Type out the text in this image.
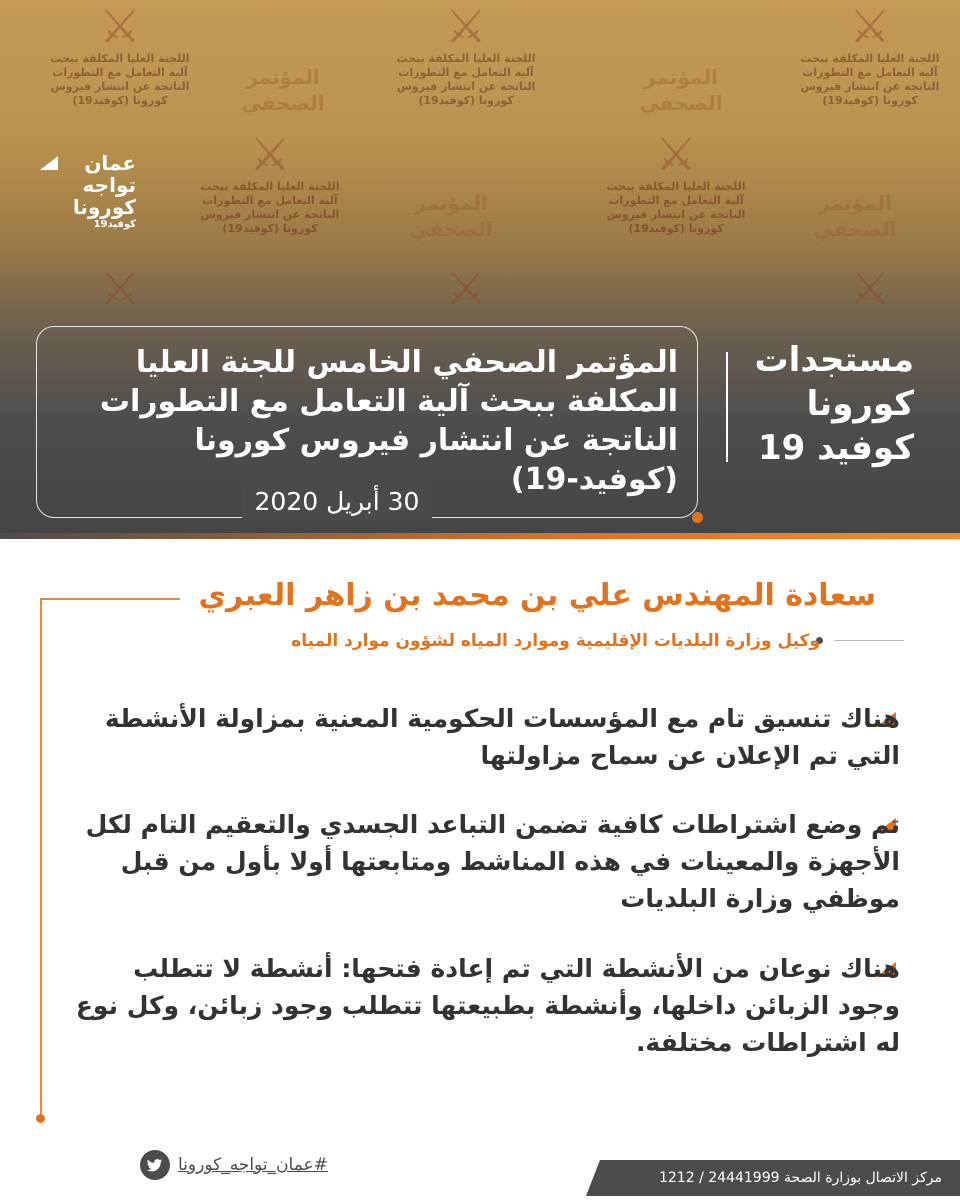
⚔
اللجنة العليا المكلفة ببحث آلية التعامل مع التطورات الناتجة عن انتشار فيروس كورونا (كوفيد19)
⚔
اللجنة العليا المكلفة ببحث آلية التعامل مع التطورات الناتجة عن انتشار فيروس كورونا (كوفيد19)
⚔
اللجنة العليا المكلفة ببحث آلية التعامل مع التطورات الناتجة عن انتشار فيروس كورونا (كوفيد19)
المؤتمر
الصحفي
المؤتمر
الصحفي
⚔
اللجنة العليا المكلفة ببحث آلية التعامل مع التطورات الناتجة عن انتشار فيروس كورونا (كوفيد19)
⚔
اللجنة العليا المكلفة ببحث آلية التعامل مع التطورات الناتجة عن انتشار فيروس كورونا (كوفيد19)
المؤتمر
الصحفي
المؤتمر
الصحفي
⚔	⚔	⚔
عمان
تواجه
كورونا
كوفيد19
المؤتمر الصحفي الخامس للجنة العليا المكلفة ببحث آلية التعامل مع التطورات الناتجة عن انتشار فيروس كورونا (كوفيد-19)
30 أبريل 2020
مستجدات
كورونا
كوفيد 19
سعادة المهندس علي بن محمد بن زاهر العبري
وكيل وزارة البلديات الإقليمية وموارد المياه لشؤون موارد المياه
هناك تنسيق تام مع المؤسسات الحكومية المعنية بمزاولة الأنشطة التي تم الإعلان عن سماح مزاولتها
تم وضع اشتراطات كافية تضمن التباعد الجسدي والتعقيم التام لكل الأجهزة والمعينات في هذه المناشط ومتابعتها أولا بأول من قبل موظفي وزارة البلديات
هناك نوعان من الأنشطة التي تم إعادة فتحها: أنشطة لا تتطلب وجود الزبائن داخلها، وأنشطة بطبيعتها تتطلب وجود زبائن، وكل نوع له اشتراطات مختلفة.
#عمان_تواجه_كورونا
مركز الاتصال بوزارة الصحة 24441999 / 1212
